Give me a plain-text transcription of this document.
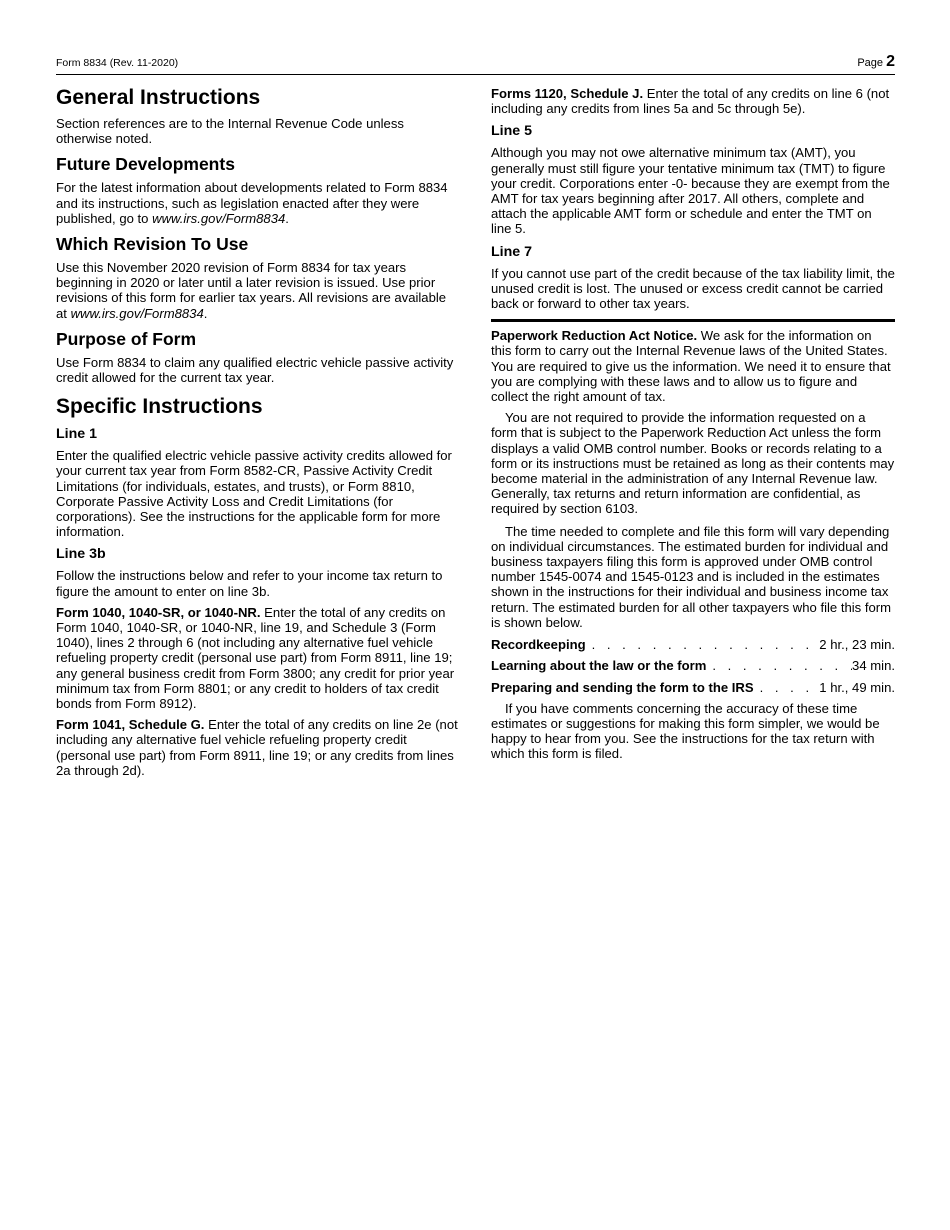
Form 8834 (Rev. 11-2020)	Page 2
General Instructions

Section references are to the Internal Revenue Code unless otherwise noted.

Future Developments

For the latest information about developments related to Form 8834 and its instructions, such as legislation enacted after they were published, go to www.irs.gov/Form8834.

Which Revision To Use

Use this November 2020 revision of Form 8834 for tax years beginning in 2020 or later until a later revision is issued. Use prior revisions of this form for earlier tax years. All revisions are available at www.irs.gov/Form8834.

Purpose of Form

Use Form 8834 to claim any qualified electric vehicle passive activity credit allowed for the current tax year.

Specific Instructions
Line 1

Enter the qualified electric vehicle passive activity credits allowed for your current tax year from Form 8582-CR, Passive Activity Credit Limitations (for individuals, estates, and trusts), or Form 8810, Corporate Passive Activity Loss and Credit Limitations (for corporations). See the instructions for the applicable form for more information.

Line 3b

Follow the instructions below and refer to your income tax return to figure the amount to enter on line 3b.

Form 1040, 1040-SR, or 1040-NR. Enter the total of any credits on Form 1040, 1040-SR, or 1040-NR, line 19, and Schedule 3 (Form 1040), lines 2 through 6 (not including any alternative fuel vehicle refueling property credit (personal use part) from Form 8911, line 19; any general business credit from Form 3800; any credit for prior year minimum tax from Form 8801; or any credit to holders of tax credit bonds from Form 8912).

Form 1041, Schedule G. Enter the total of any credits on line 2e (not including any alternative fuel vehicle refueling property credit (personal use part) from Form 8911, line 19; or any credits from lines 2a through 2d).

Forms 1120, Schedule J. Enter the total of any credits on line 6 (not including any credits from lines 5a and 5c through 5e).

Line 5

Although you may not owe alternative minimum tax (AMT), you generally must still figure your tentative minimum tax (TMT) to figure your credit. Corporations enter -0- because they are exempt from the AMT for tax years beginning after 2017. All others, complete and attach the applicable AMT form or schedule and enter the TMT on line 5.

Line 7

If you cannot use part of the credit because of the tax liability limit, the unused credit is lost. The unused or excess credit cannot be carried back or forward to other tax years.

Paperwork Reduction Act Notice. We ask for the information on this form to carry out the Internal Revenue laws of the United States. You are required to give us the information. We need it to ensure that you are complying with these laws and to allow us to figure and collect the right amount of tax.

You are not required to provide the information requested on a form that is subject to the Paperwork Reduction Act unless the form displays a valid OMB control number. Books or records relating to a form or its instructions must be retained as long as their contents may become material in the administration of any Internal Revenue law. Generally, tax returns and return information are confidential, as required by section 6103.

The time needed to complete and file this form will vary depending on individual circumstances. The estimated burden for individual and business taxpayers filing this form is approved under OMB control number 1545-0074 and 1545-0123 and is included in the estimates shown in the instructions for their individual and business income tax return. The estimated burden for all other taxpayers who file this form is shown below.

Recordkeeping . . .	2 hr., 23 min.
Learning about the law or the form . . .	34 min.
Preparing and sending the form to the IRS . . .	1 hr., 49 min.

If you have comments concerning the accuracy of these time estimates or suggestions for making this form simpler, we would be happy to hear from you. See the instructions for the tax return with which this form is filed.
